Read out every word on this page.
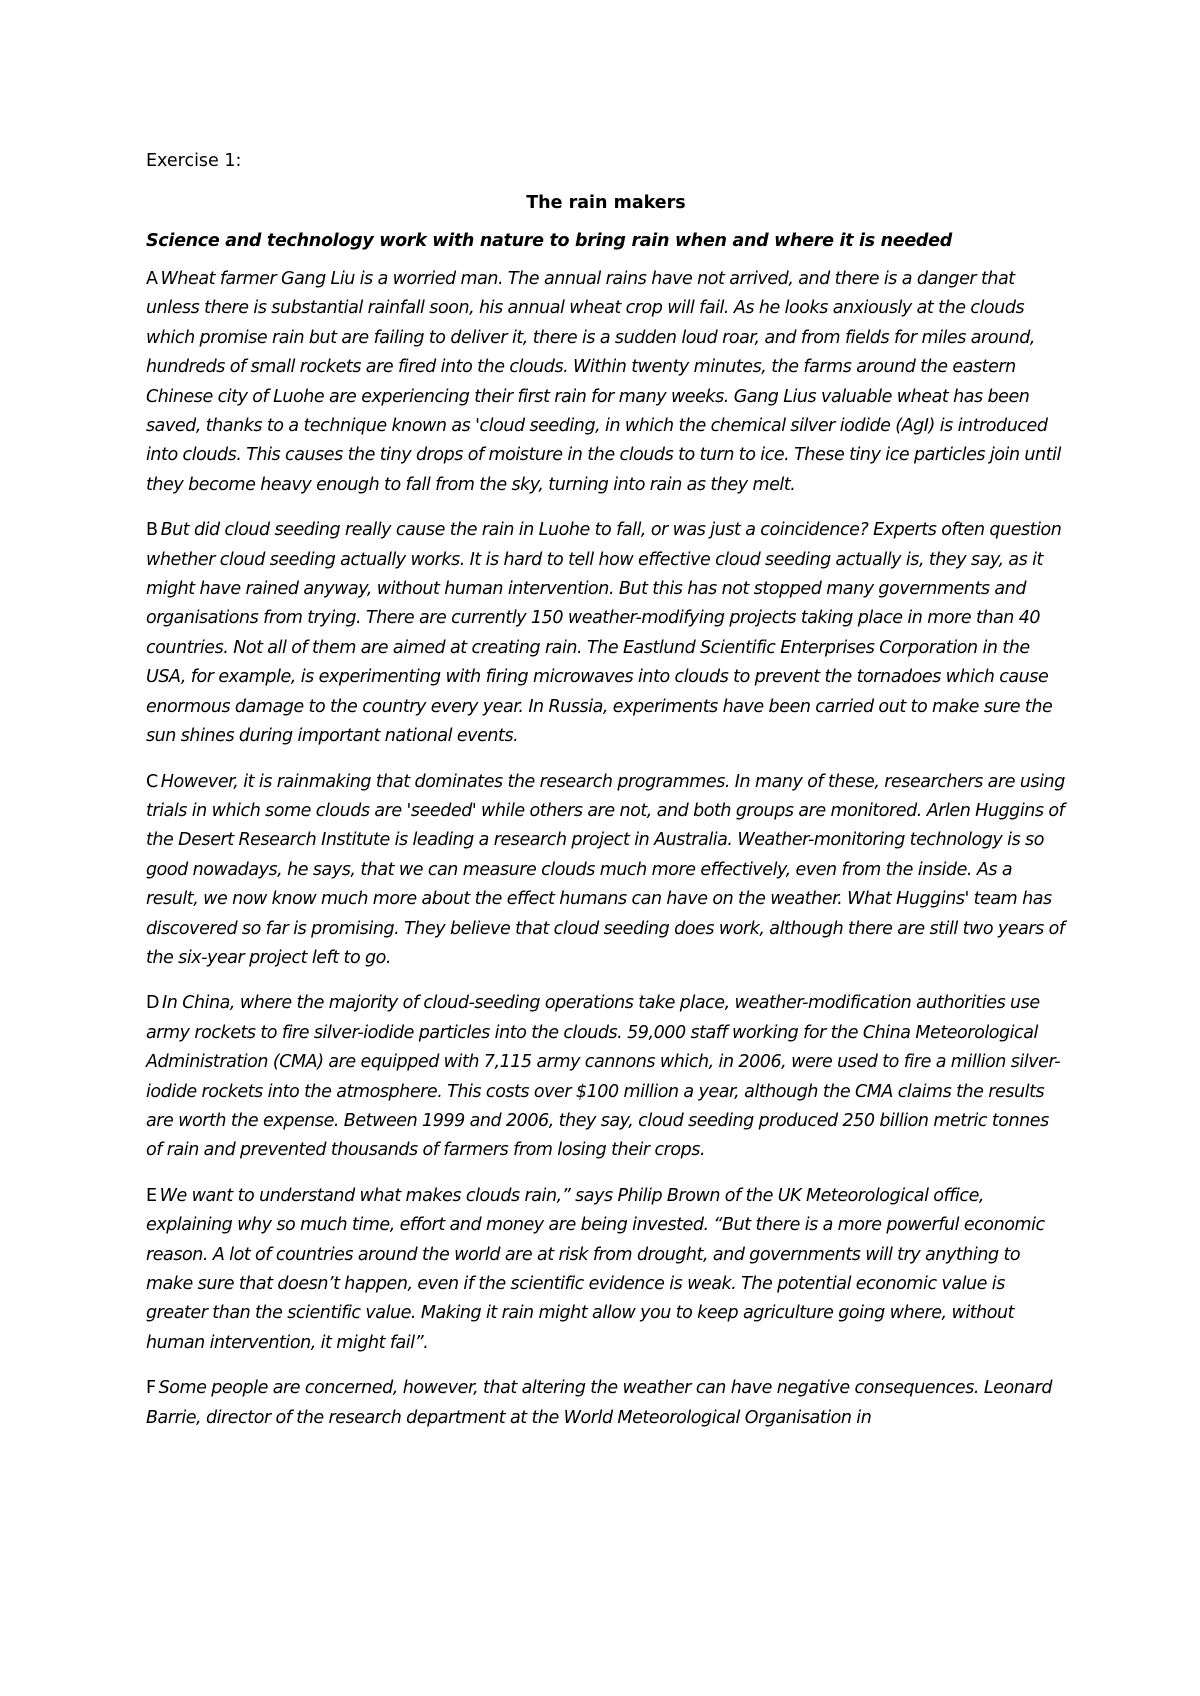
Exercise 1:

The rain makers
Science and technology work with nature to bring rain when and where it is needed

A Wheat farmer Gang Liu is a worried man. The annual rains have not arrived, and there is a danger that unless there is substantial rainfall soon, his annual wheat crop will fail. As he looks anxiously at the clouds which promise rain but are failing to deliver it, there is a sudden loud roar, and from fields for miles around, hundreds of small rockets are fired into the clouds. Within twenty minutes, the farms around the eastern Chinese city of Luohe are experiencing their first rain for many weeks. Gang Lius valuable wheat has been saved, thanks to a technique known as 'cloud seeding, in which the chemical silver iodide (AgI) is introduced into clouds. This causes the tiny drops of moisture in the clouds to turn to ice. These tiny ice particles join until they become heavy enough to fall from the sky, turning into rain as they melt.

B But did cloud seeding really cause the rain in Luohe to fall, or was just a coincidence? Experts often question whether cloud seeding actually works. It is hard to tell how effective cloud seeding actually is, they say, as it might have rained anyway, without human intervention. But this has not stopped many governments and organisations from trying. There are currently 150 weather-modifying projects taking place in more than 40 countries. Not all of them are aimed at creating rain. The Eastlund Scientific Enterprises Corporation in the USA, for example, is experimenting with firing microwaves into clouds to prevent the tornadoes which cause enormous damage to the country every year. In Russia, experiments have been carried out to make sure the sun shines during important national events.

C However, it is rainmaking that dominates the research programmes. In many of these, researchers are using trials in which some clouds are 'seeded' while others are not, and both groups are monitored. Arlen Huggins of the Desert Research Institute is leading a research project in Australia. Weather-monitoring technology is so good nowadays, he says, that we can measure clouds much more effectively, even from the inside. As a result, we now know much more about the effect humans can have on the weather. What Huggins' team has discovered so far is promising. They believe that cloud seeding does work, although there are still two years of the six-year project left to go.

D In China, where the majority of cloud-seeding operations take place, weather-modification authorities use army rockets to fire silver-iodide particles into the clouds. 59,000 staff working for the China Meteorological Administration (CMA) are equipped with 7,115 army cannons which, in 2006, were used to fire a million silver-iodide rockets into the atmosphere. This costs over $100 million a year, although the CMA claims the results are worth the expense. Between 1999 and 2006, they say, cloud seeding produced 250 billion metric tonnes of rain and prevented thousands of farmers from losing their crops.

E We want to understand what makes clouds rain,” says Philip Brown of the UK Meteorological office, explaining why so much time, effort and money are being invested. “But there is a more powerful economic reason. A lot of countries around the world are at risk from drought, and governments will try anything to make sure that doesn’t happen, even if the scientific evidence is weak. The potential economic value is greater than the scientific value. Making it rain might allow you to keep agriculture going where, without human intervention, it might fail”.

F Some people are concerned, however, that altering the weather can have negative consequences. Leonard Barrie, director of the research department at the World Meteorological Organisation in
